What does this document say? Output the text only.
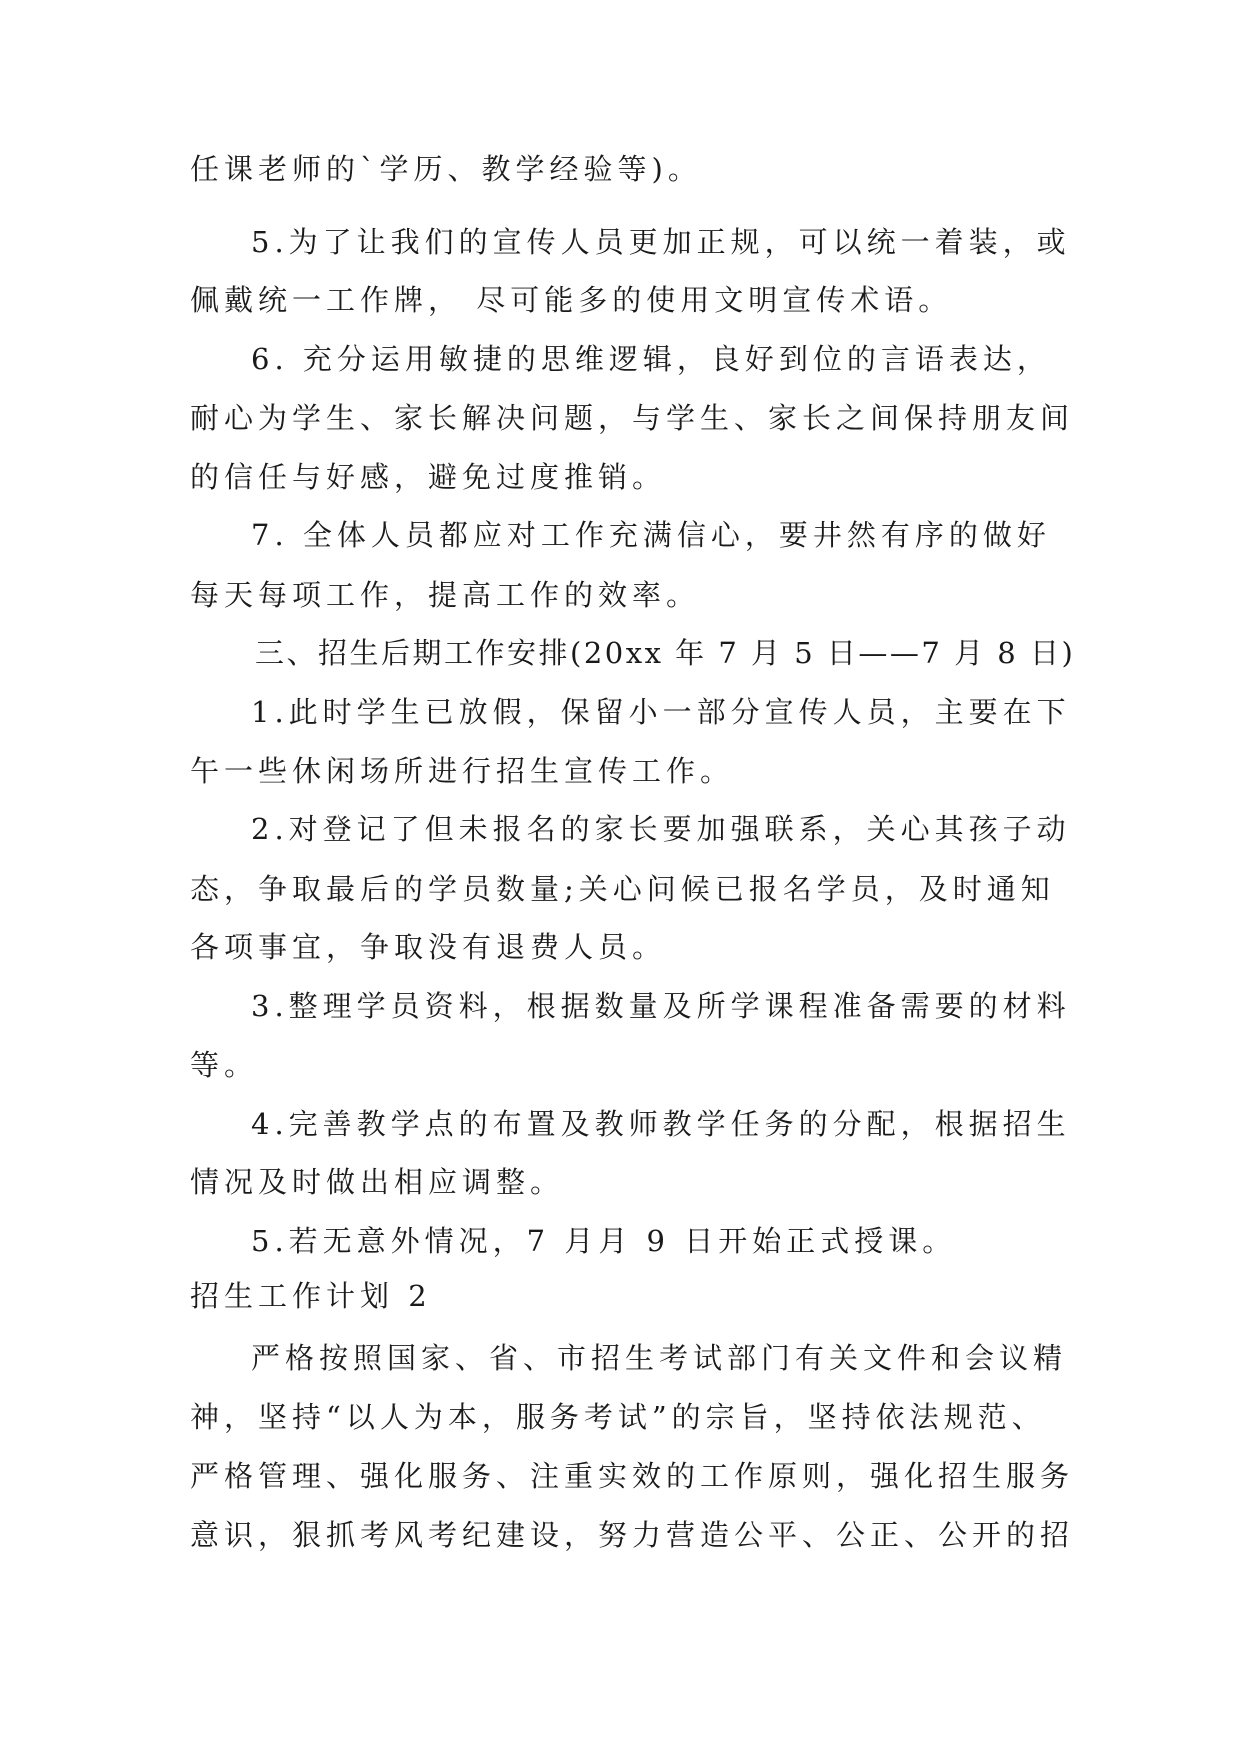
任课老师的`学历、教学经验等)。
5.为了让我们的宣传人员更加正规，可以统一着装，或
佩戴统一工作牌， 尽可能多的使用文明宣传术语。
6. 充分运用敏捷的思维逻辑，良好到位的言语表达，
耐心为学生、家长解决问题，与学生、家长之间保持朋友间
的信任与好感，避免过度推销。
7. 全体人员都应对工作充满信心，要井然有序的做好
每天每项工作，提高工作的效率。
三、招生后期工作安排(20xx 年 7 月 5 日——7 月 8 日)
1.此时学生已放假，保留小一部分宣传人员，主要在下
午一些休闲场所进行招生宣传工作。
2.对登记了但未报名的家长要加强联系，关心其孩子动
态，争取最后的学员数量;关心问候已报名学员，及时通知
各项事宜，争取没有退费人员。
3.整理学员资料，根据数量及所学课程准备需要的材料
等。
4.完善教学点的布置及教师教学任务的分配，根据招生
情况及时做出相应调整。
5.若无意外情况，7 月月 9 日开始正式授课。
招生工作计划 2
严格按照国家、省、市招生考试部门有关文件和会议精
神，坚持“以人为本，服务考试”的宗旨，坚持依法规范、
严格管理、强化服务、注重实效的工作原则，强化招生服务
意识，狠抓考风考纪建设，努力营造公平、公正、公开的招
